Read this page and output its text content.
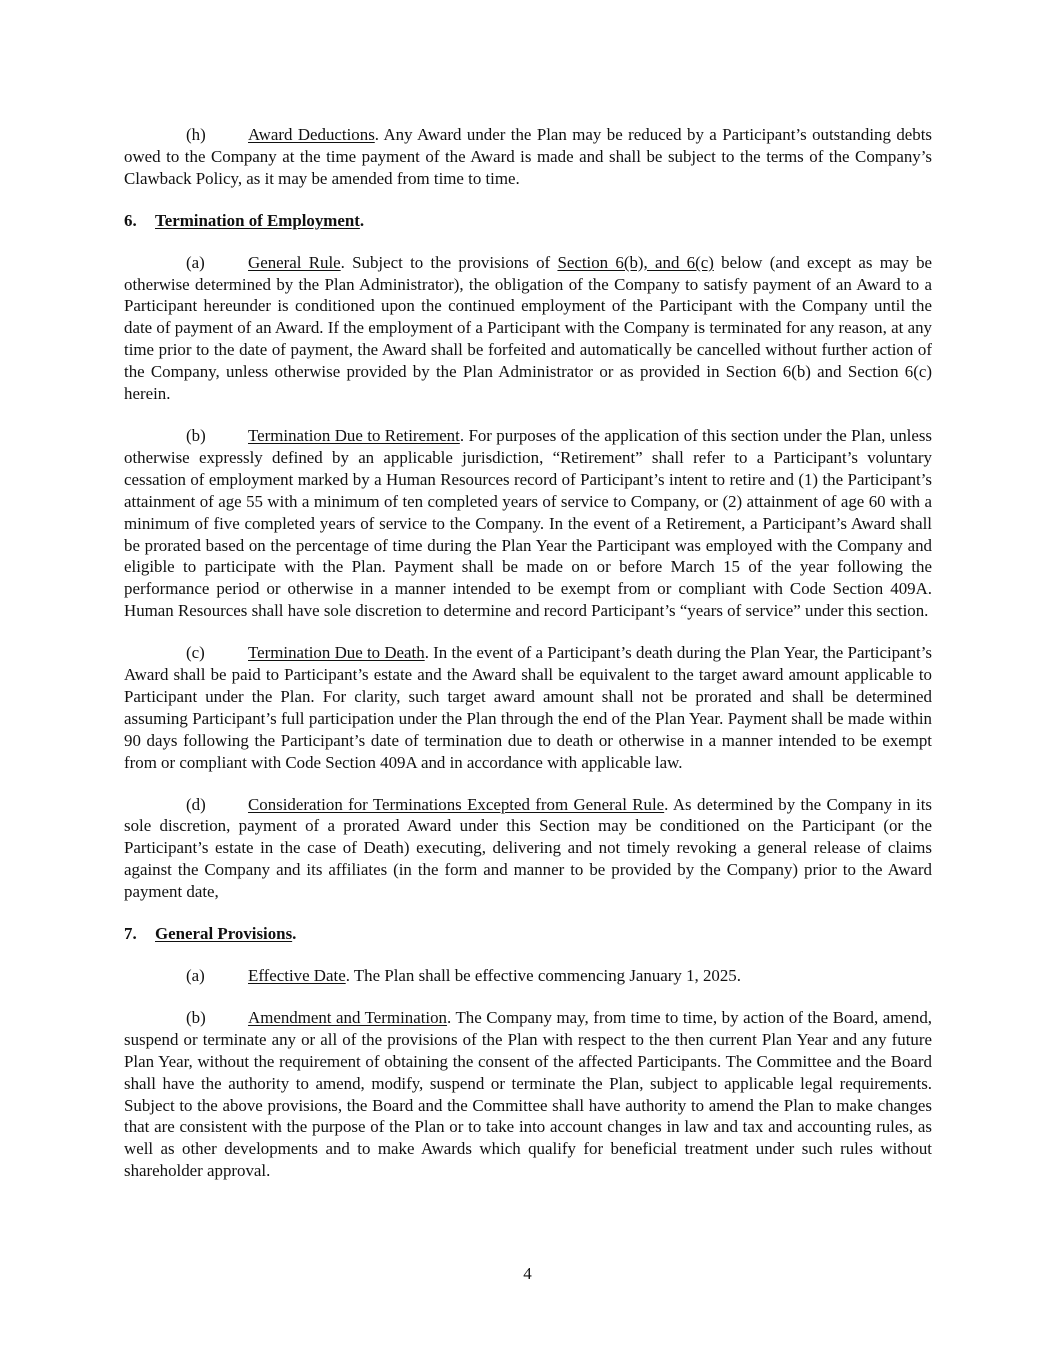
(h)	Award Deductions. Any Award under the Plan may be reduced by a Participant’s outstanding debts owed to the Company at the time payment of the Award is made and shall be subject to the terms of the Company’s Clawback Policy, as it may be amended from time to time.

6. Termination of Employment.

(a)	General Rule. Subject to the provisions of Section 6(b), and 6(c) below (and except as may be otherwise determined by the Plan Administrator), the obligation of the Company to satisfy payment of an Award to a Participant hereunder is conditioned upon the continued employment of the Participant with the Company until the date of payment of an Award. If the employment of a Participant with the Company is terminated for any reason, at any time prior to the date of payment, the Award shall be forfeited and automatically be cancelled without further action of the Company, unless otherwise provided by the Plan Administrator or as provided in Section 6(b) and Section 6(c) herein.

(b)	Termination Due to Retirement. For purposes of the application of this section under the Plan, unless otherwise expressly defined by an applicable jurisdiction, “Retirement” shall refer to a Participant’s voluntary cessation of employment marked by a Human Resources record of Participant’s intent to retire and (1) the Participant’s attainment of age 55 with a minimum of ten completed years of service to Company, or (2) attainment of age 60 with a minimum of five completed years of service to the Company. In the event of a Retirement, a Participant’s Award shall be prorated based on the percentage of time during the Plan Year the Participant was employed with the Company and eligible to participate with the Plan. Payment shall be made on or before March 15 of the year following the performance period or otherwise in a manner intended to be exempt from or compliant with Code Section 409A. Human Resources shall have sole discretion to determine and record Participant’s “years of service” under this section.

(c)	Termination Due to Death. In the event of a Participant’s death during the Plan Year, the Participant’s Award shall be paid to Participant’s estate and the Award shall be equivalent to the target award amount applicable to Participant under the Plan. For clarity, such target award amount shall not be prorated and shall be determined assuming Participant’s full participation under the Plan through the end of the Plan Year. Payment shall be made within 90 days following the Participant’s date of termination due to death or otherwise in a manner intended to be exempt from or compliant with Code Section 409A and in accordance with applicable law.

(d)	Consideration for Terminations Excepted from General Rule. As determined by the Company in its sole discretion, payment of a prorated Award under this Section may be conditioned on the Participant (or the Participant’s estate in the case of Death) executing, delivering and not timely revoking a general release of claims against the Company and its affiliates (in the form and manner to be provided by the Company) prior to the Award payment date,

7. General Provisions.

(a)	Effective Date. The Plan shall be effective commencing January 1, 2025.

(b)	Amendment and Termination. The Company may, from time to time, by action of the Board, amend, suspend or terminate any or all of the provisions of the Plan with respect to the then current Plan Year and any future Plan Year, without the requirement of obtaining the consent of the affected Participants. The Committee and the Board shall have the authority to amend, modify, suspend or terminate the Plan, subject to applicable legal requirements. Subject to the above provisions, the Board and the Committee shall have authority to amend the Plan to make changes that are consistent with the purpose of the Plan or to take into account changes in law and tax and accounting rules, as well as other developments and to make Awards which qualify for beneficial treatment under such rules without shareholder approval.

4
